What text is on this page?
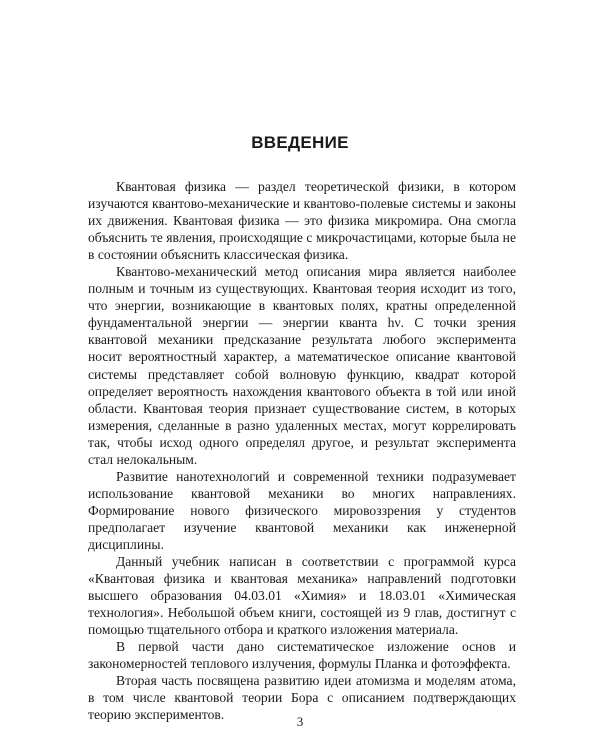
ВВЕДЕНИЕ

Квантовая физика — раздел теоретической физики, в котором изучаются квантово-механические и квантово-полевые системы и законы их движения. Квантовая физика — это физика микромира. Она смогла объяснить те явления, происходящие с микрочастицами, которые была не в состоянии объяснить классическая физика.

Квантово-механический метод описания мира является наиболее полным и точным из существующих. Квантовая теория исходит из того, что энергии, возникающие в квантовых полях, кратны определенной фундаментальной энергии — энергии кванта hν. С точки зрения квантовой механики предсказание результата любого эксперимента носит вероятностный характер, а математическое описание квантовой системы представляет собой волновую функцию, квадрат которой определяет вероятность нахождения квантового объекта в той или иной области. Квантовая теория признает существование систем, в которых измерения, сделанные в разно удаленных местах, могут коррелировать так, чтобы исход одного определял другое, и результат эксперимента стал нелокальным.

Развитие нанотехнологий и современной техники подразумевает использование квантовой механики во многих направлениях. Формирование нового физического мировоззрения у студентов предполагает изучение квантовой механики как инженерной дисциплины.

Данный учебник написан в соответствии с программой курса «Квантовая физика и квантовая механика» направлений подготовки высшего образования 04.03.01 «Химия» и 18.03.01 «Химическая технология». Небольшой объем книги, состоящей из 9 глав, достигнут с помощью тщательного отбора и краткого изложения материала.

В первой части дано систематическое изложение основ и закономерностей теплового излучения, формулы Планка и фотоэффекта.

Вторая часть посвящена развитию идеи атомизма и моделям атома, в том числе квантовой теории Бора с описанием подтверждающих теорию экспериментов.	3
